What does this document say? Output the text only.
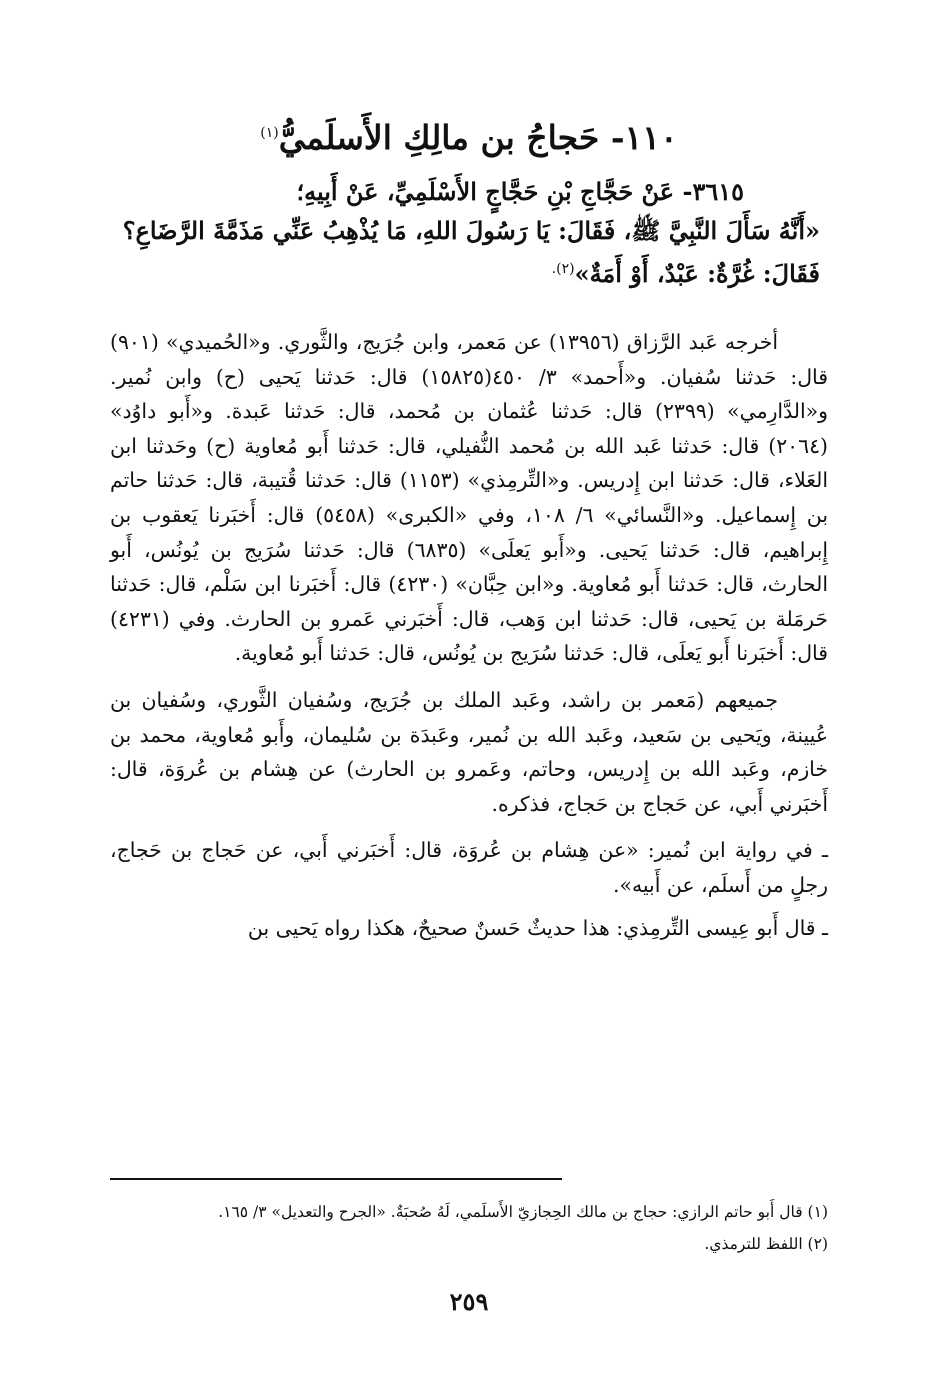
١١٠- حَجاجُ بن مالِكِ الأَسلَميُّ$^{(١)}$

٣٦١٥- عَنْ حَجَّاجِ بْنِ حَجَّاجٍ الأَسْلَمِيِّ، عَنْ أَبِيهِ؛

«أَنَّهُ سَأَلَ النَّبِيَّ ﷺ، فَقَالَ: يَا رَسُولَ اللهِ، مَا يُذْهِبُ عَنِّي مَذَمَّةَ الرَّضَاعِ؟

فَقَالَ: غُرَّةٌ: عَبْدٌ، أَوْ أَمَةٌ»$^{(٢).}$

أخرجه عَبد الرَّزاق (١٣٩٥٦) عن مَعمر، وابن جُرَيج، والثَّوري. و«الحُميدي» (٩٠١) قال: حَدثنا سُفيان. و«أَحمد» ٣/ ٤٥٠(١٥٨٢٥) قال: حَدثنا يَحيى (ح) وابن نُمير. و«الدَّارِمي» (٢٣٩٩) قال: حَدثنا عُثمان بن مُحمد، قال: حَدثنا عَبدة. و«أَبو داوُد» (٢٠٦٤) قال: حَدثنا عَبد الله بن مُحمد النُّفيلي، قال: حَدثنا أَبو مُعاوية (ح) وحَدثنا ابن العَلاء، قال: حَدثنا ابن إِدريس. و«التِّرمِذي» (١١٥٣) قال: حَدثنا قُتيبة، قال: حَدثنا حاتم بن إِسماعيل. و«النَّسائي» ٦/ ١٠٨، وفي «الكبرى» (٥٤٥٨) قال: أَخبَرنا يَعقوب بن إِبراهيم، قال: حَدثنا يَحيى. و«أَبو يَعلَى» (٦٨٣٥) قال: حَدثنا سُرَيج بن يُونُس، أَبو الحارث، قال: حَدثنا أَبو مُعاوية. و«ابن حِبَّان» (٤٢٣٠) قال: أَخبَرنا ابن سَلْم، قال: حَدثنا حَرمَلة بن يَحيى، قال: حَدثنا ابن وَهب، قال: أَخبَرني عَمرو بن الحارث. وفي (٤٢٣١) قال: أَخبَرنا أَبو يَعلَى، قال: حَدثنا سُرَيج بن يُونُس، قال: حَدثنا أَبو مُعاوية.

جميعهم (مَعمر بن راشد، وعَبد الملك بن جُرَيج، وسُفيان الثَّوري، وسُفيان بن عُيينة، ويَحيى بن سَعيد، وعَبد الله بن نُمير، وعَبدَة بن سُليمان، وأَبو مُعاوية، محمد بن خازم، وعَبد الله بن إِدريس، وحاتم، وعَمرو بن الحارث) عن هِشام بن عُروَة، قال: أَخبَرني أَبي، عن حَجاج بن حَجاج، فذكره.

ـ في رواية ابن نُمير: «عن هِشام بن عُروَة، قال: أَخبَرني أَبي، عن حَجاج بن حَجاج، رجلٍ من أَسلَم، عن أَبيه».

ـ قال أَبو عِيسى التِّرمِذي: هذا حديثٌ حَسنٌ صحيحٌ، هكذا رواه يَحيى بن

(١) قال أَبو حاتم الرازي: حجاج بن مالك الحِجازيّ الأَسلَمي، لَهُ صُحبَةٌ. «الجرح والتعديل» ٣/ ١٦٥.

(٢) اللفظ للترمذي.

٢٥٩
